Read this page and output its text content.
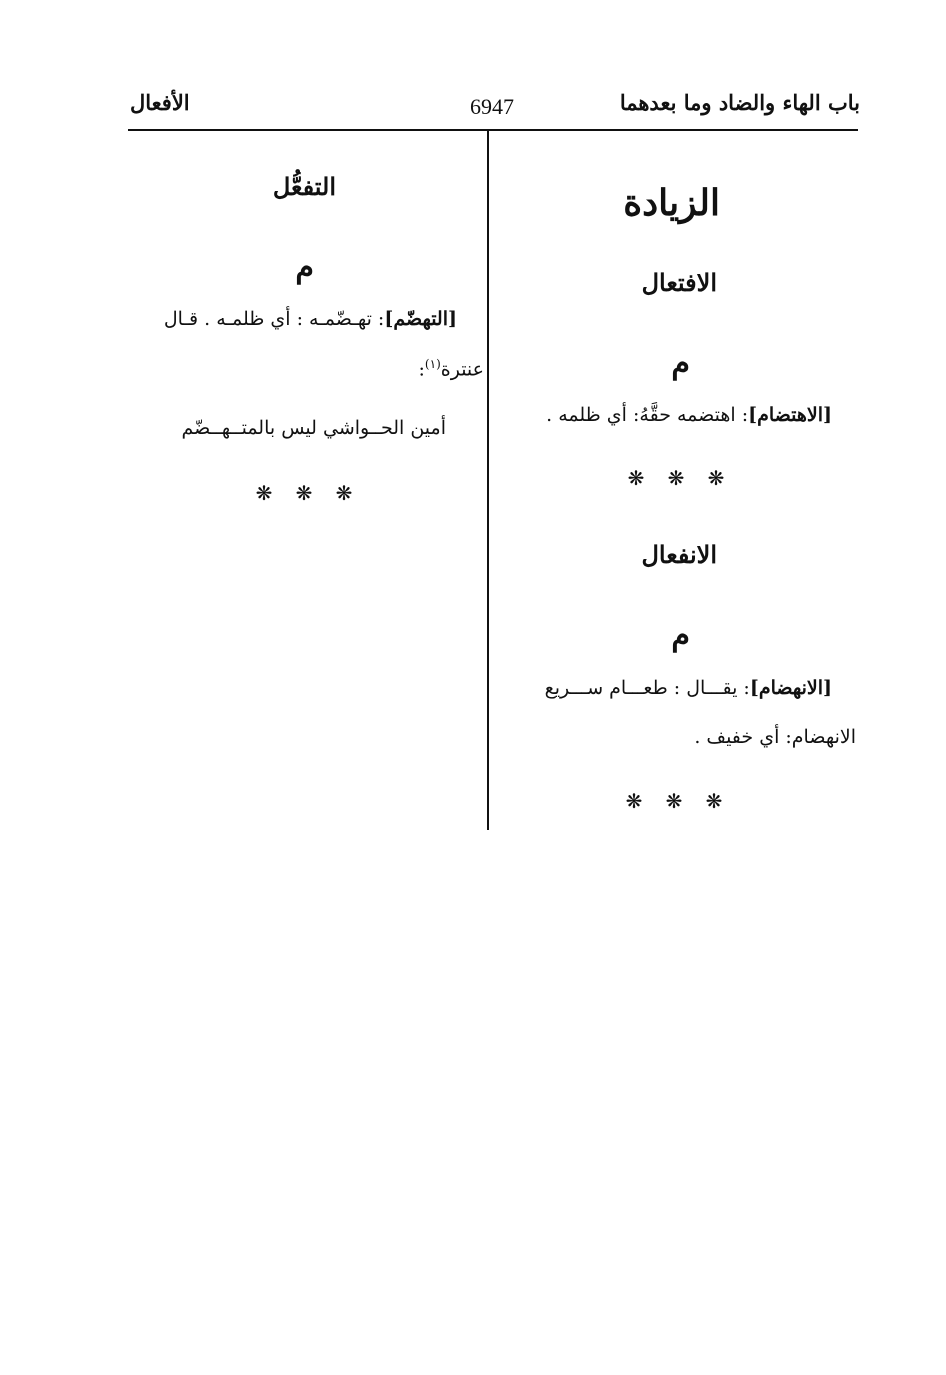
باب الهاء والضاد وما بعدهما
6947
الأفعال
الزيادة
الافتعال
م
[الاهتضام]: اهتضمه حقَّهُ: أي ظلمه .
❋ ❋ ❋
الانفعال
م
[الانهضام]: يقـــال : طعـــام ســـريع
الانهضام: أي خفيف .
❋ ❋ ❋
التفعُّل
م
[التهضّم]: تهـضّمـه : أي ظلمـه . قـال
عنترة$^{(١)}$:
أمين الحــواشي ليس بالمتــهــضّم
❋ ❋ ❋
